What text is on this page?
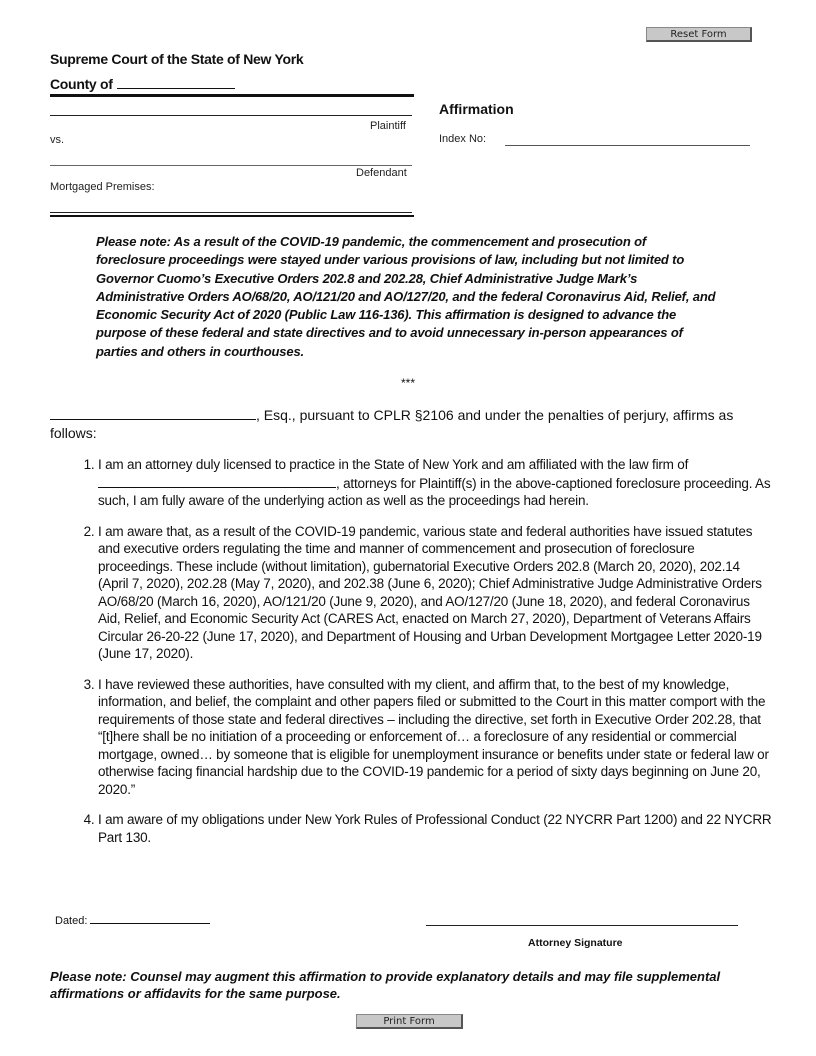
Reset Form
Supreme Court of the State of New York
County of
Plaintiff
vs.
Defendant
Mortgaged Premises:
Affirmation
Index No:
Please note: As a result of the COVID-19 pandemic, the commencement and prosecution of foreclosure proceedings were stayed under various provisions of law, including but not limited to Governor Cuomo’s Executive Orders 202.8 and 202.28, Chief Administrative Judge Mark’s Administrative Orders AO/68/20, AO/121/20 and AO/127/20, and the federal Coronavirus Aid, Relief, and Economic Security Act of 2020 (Public Law 116-136). This affirmation is designed to advance the purpose of these federal and state directives and to avoid unnecessary in-person appearances of parties and others in courthouses.
***
, Esq., pursuant to CPLR §2106 and under the penalties of perjury, affirms as follows:
1. I am an attorney duly licensed to practice in the State of New York and am affiliated with the law firm of , attorneys for Plaintiff(s) in the above-captioned foreclosure proceeding. As such, I am fully aware of the underlying action as well as the proceedings had herein.
2. I am aware that, as a result of the COVID-19 pandemic, various state and federal authorities have issued statutes and executive orders regulating the time and manner of commencement and prosecution of foreclosure proceedings. These include (without limitation), gubernatorial Executive Orders 202.8 (March 20, 2020), 202.14 (April 7, 2020), 202.28 (May 7, 2020), and 202.38 (June 6, 2020); Chief Administrative Judge Administrative Orders AO/68/20 (March 16, 2020), AO/121/20 (June 9, 2020), and AO/127/20 (June 18, 2020), and federal Coronavirus Aid, Relief, and Economic Security Act (CARES Act, enacted on March 27, 2020), Department of Veterans Affairs Circular 26-20-22 (June 17, 2020), and Department of Housing and Urban Development Mortgagee Letter 2020-19 (June 17, 2020).
3. I have reviewed these authorities, have consulted with my client, and affirm that, to the best of my knowledge, information, and belief, the complaint and other papers filed or submitted to the Court in this matter comport with the requirements of those state and federal directives – including the directive, set forth in Executive Order 202.28, that “[t]here shall be no initiation of a proceeding or enforcement of… a foreclosure of any residential or commercial mortgage, owned… by someone that is eligible for unemployment insurance or benefits under state or federal law or otherwise facing financial hardship due to the COVID-19 pandemic for a period of sixty days beginning on June 20, 2020.”
4. I am aware of my obligations under New York Rules of Professional Conduct (22 NYCRR Part 1200) and 22 NYCRR Part 130.
Dated:
Attorney Signature
Please note: Counsel may augment this affirmation to provide explanatory details and may file supplemental affirmations or affidavits for the same purpose.
Print Form
